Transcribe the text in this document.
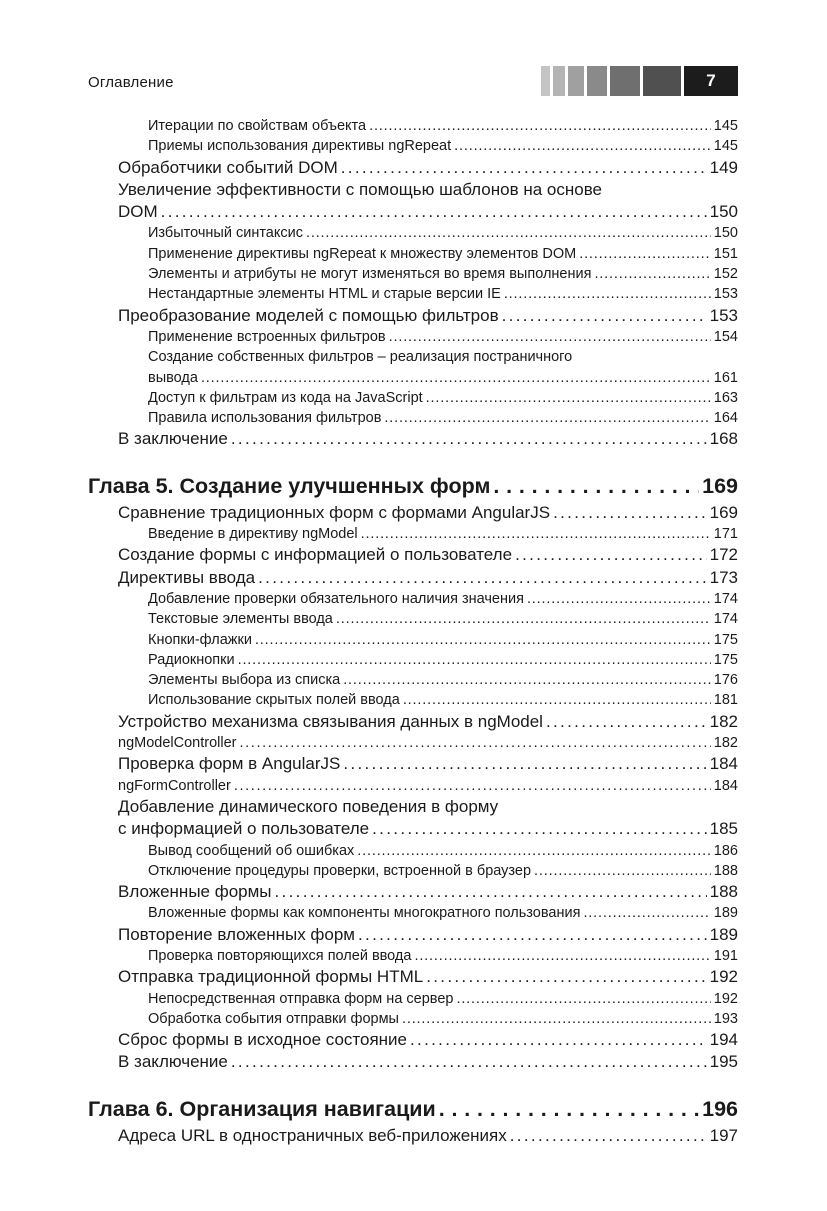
Оглавление	7
Итерации по свойствам объекта . . .	145
Приемы использования директивы ngRepeat . . .	145
Обработчики событий DOM . . .	149
Увеличение эффективности с помощью шаблонов на основе
DOM . . .	150
Избыточный синтаксис . . .	150
Применение директивы ngRepeat к множеству элементов DOM . . .	151
Элементы и атрибуты не могут изменяться во время выполнения . . .	152
Нестандартные элементы HTML и старые версии IE . . .	153
Преобразование моделей с помощью фильтров . . .	153
Применение встроенных фильтров . . .	154
Создание собственных фильтров – реализация постраничного
вывода . . .	161
Доступ к фильтрам из кода на JavaScript . . .	163
Правила использования фильтров . . .	164
В заключение . . .	168
Глава 5. Создание улучшенных форм . . .	169
Сравнение традиционных форм с формами AngularJS . . .	169
Введение в директиву ngModel . . .	171
Создание формы с информацией о пользователе . . .	172
Директивы ввода . . .	173
Добавление проверки обязательного наличия значения . . .	174
Текстовые элементы ввода . . .	174
Кнопки-флажки . . .	175
Радиокнопки . . .	175
Элементы выбора из списка . . .	176
Использование скрытых полей ввода . . .	181
Устройство механизма связывания данных в ngModel . . .	182
ngModelController . . .	182
Проверка форм в AngularJS . . .	184
ngFormController . . .	184
Добавление динамического поведения в форму
с информацией о пользователе . . .	185
Вывод сообщений об ошибках . . .	186
Отключение процедуры проверки, встроенной в браузер . . .	188
Вложенные формы . . .	188
Вложенные формы как компоненты многократного пользования . . .	189
Повторение вложенных форм . . .	189
Проверка повторяющихся полей ввода . . .	191
Отправка традиционной формы HTML . . .	192
Непосредственная отправка форм на сервер . . .	192
Обработка события отправки формы . . .	193
Сброс формы в исходное состояние . . .	194
В заключение . . .	195
Глава 6. Организация навигации . . .	196
Адреса URL в одностраничных веб-приложениях . . .	197
